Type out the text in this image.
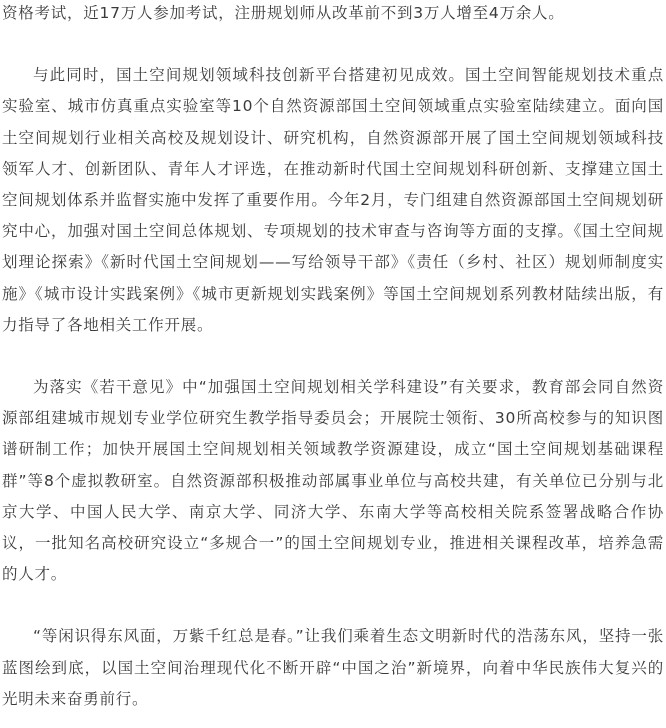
资格考试，近17万人参加考试，注册规划师从改革前不到3万人增至4万余人。

与此同时，国土空间规划领域科技创新平台搭建初见成效。国土空间智能规划技术重点实验室、城市仿真重点实验室等10个自然资源部国土空间领域重点实验室陆续建立。面向国土空间规划行业相关高校及规划设计、研究机构，自然资源部开展了国土空间规划领域科技领军人才、创新团队、青年人才评选，在推动新时代国土空间规划科研创新、支撑建立国土空间规划体系并监督实施中发挥了重要作用。今年2月，专门组建自然资源部国土空间规划研究中心，加强对国土空间总体规划、专项规划的技术审查与咨询等方面的支撑。《国土空间规划理论探索》《新时代国土空间规划——写给领导干部》《责任（乡村、社区）规划师制度实施》《城市设计实践案例》《城市更新规划实践案例》等国土空间规划系列教材陆续出版，有力指导了各地相关工作开展。

为落实《若干意见》中“加强国土空间规划相关学科建设”有关要求，教育部会同自然资源部组建城市规划专业学位研究生教学指导委员会；开展院士领衔、30所高校参与的知识图谱研制工作；加快开展国土空间规划相关领域教学资源建设，成立“国土空间规划基础课程群”等8个虚拟教研室。自然资源部积极推动部属事业单位与高校共建，有关单位已分别与北京大学、中国人民大学、南京大学、同济大学、东南大学等高校相关院系签署战略合作协议，一批知名高校研究设立“多规合一”的国土空间规划专业，推进相关课程改革，培养急需的人才。

“等闲识得东风面，万紫千红总是春。”让我们乘着生态文明新时代的浩荡东风，坚持一张蓝图绘到底，以国土空间治理现代化不断开辟“中国之治”新境界，向着中华民族伟大复兴的光明未来奋勇前行。
